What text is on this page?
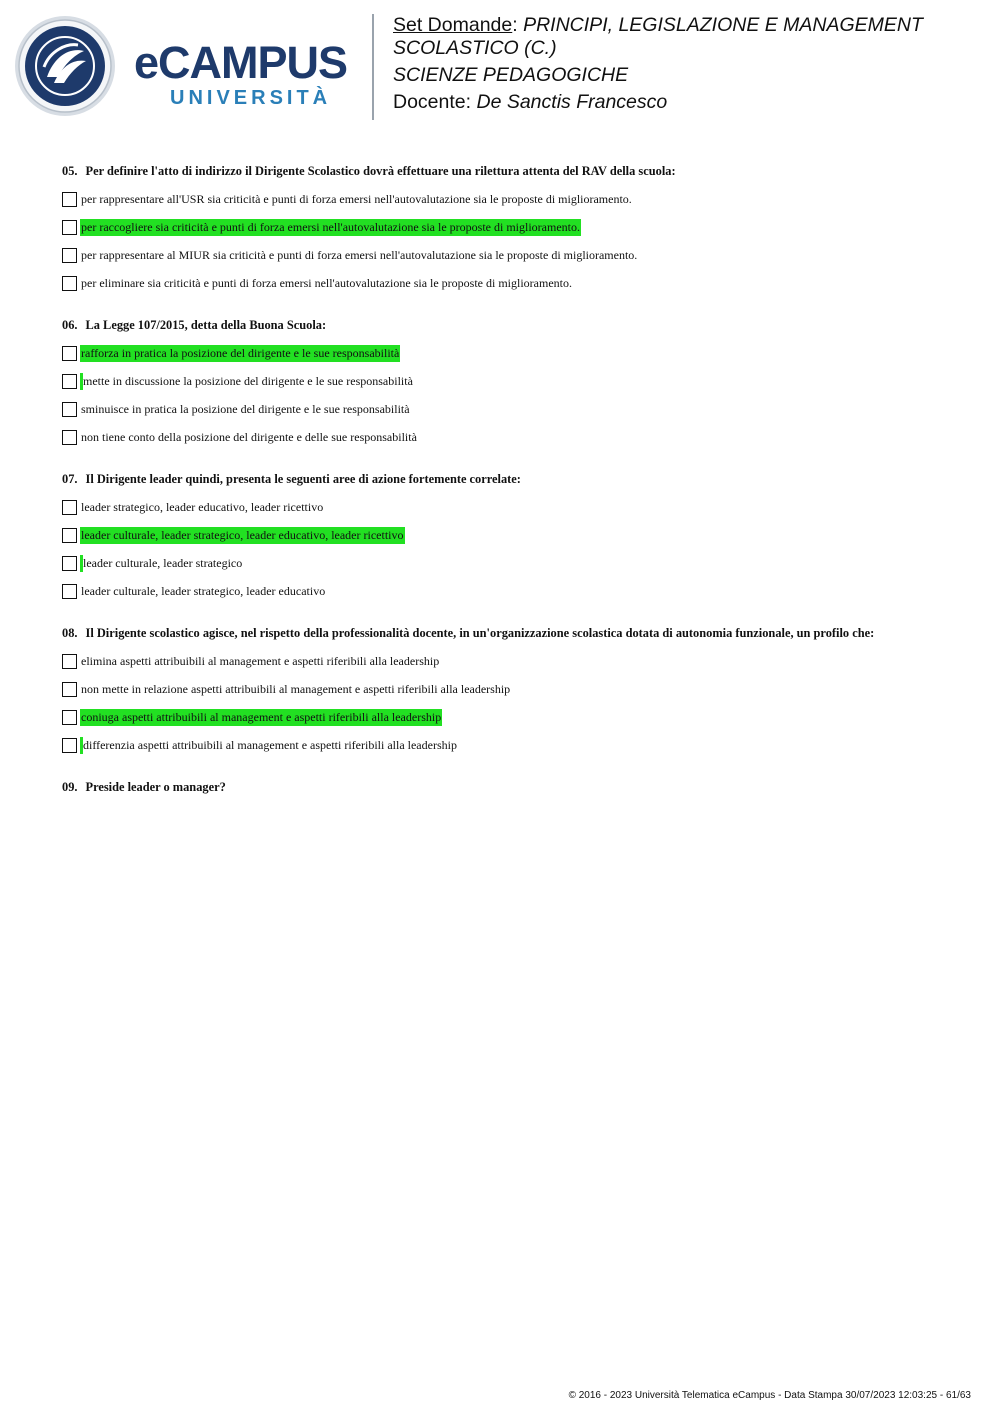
eCAMPUS
UNIVERSITÀ
Set Domande: PRINCIPI, LEGISLAZIONE E MANAGEMENT
SCOLASTICO (C.)
SCIENZE PEDAGOGICHE
Docente: De Sanctis Francesco
05. Per definire l'atto di indirizzo il Dirigente Scolastico dovrà effettuare una rilettura attenta del RAV della scuola:
per rappresentare all'USR sia criticità e punti di forza emersi nell'autovalutazione sia le proposte di miglioramento.
per raccogliere sia criticità e punti di forza emersi nell'autovalutazione sia le proposte di miglioramento.
per rappresentare al MIUR sia criticità e punti di forza emersi nell'autovalutazione sia le proposte di miglioramento.
per eliminare sia criticità e punti di forza emersi nell'autovalutazione sia le proposte di miglioramento.
06. La Legge 107/2015, detta della Buona Scuola:
rafforza in pratica la posizione del dirigente e le sue responsabilità
mette in discussione la posizione del dirigente e le sue responsabilità
sminuisce in pratica la posizione del dirigente e le sue responsabilità
non tiene conto della posizione del dirigente e delle sue responsabilità
07. Il Dirigente leader quindi, presenta le seguenti aree di azione fortemente correlate:
leader strategico, leader educativo, leader ricettivo
leader culturale, leader strategico, leader educativo, leader ricettivo
leader culturale, leader strategico
leader culturale, leader strategico, leader educativo
08. Il Dirigente scolastico agisce, nel rispetto della professionalità docente, in un'organizzazione scolastica dotata di autonomia funzionale, un profilo che:
elimina aspetti attribuibili al management e aspetti riferibili alla leadership
non mette in relazione aspetti attribuibili al management e aspetti riferibili alla leadership
coniuga aspetti attribuibili al management e aspetti riferibili alla leadership
differenzia aspetti attribuibili al management e aspetti riferibili alla leadership
09. Preside leader o manager?
© 2016 - 2023 Università Telematica eCampus - Data Stampa 30/07/2023 12:03:25 - 61/63
